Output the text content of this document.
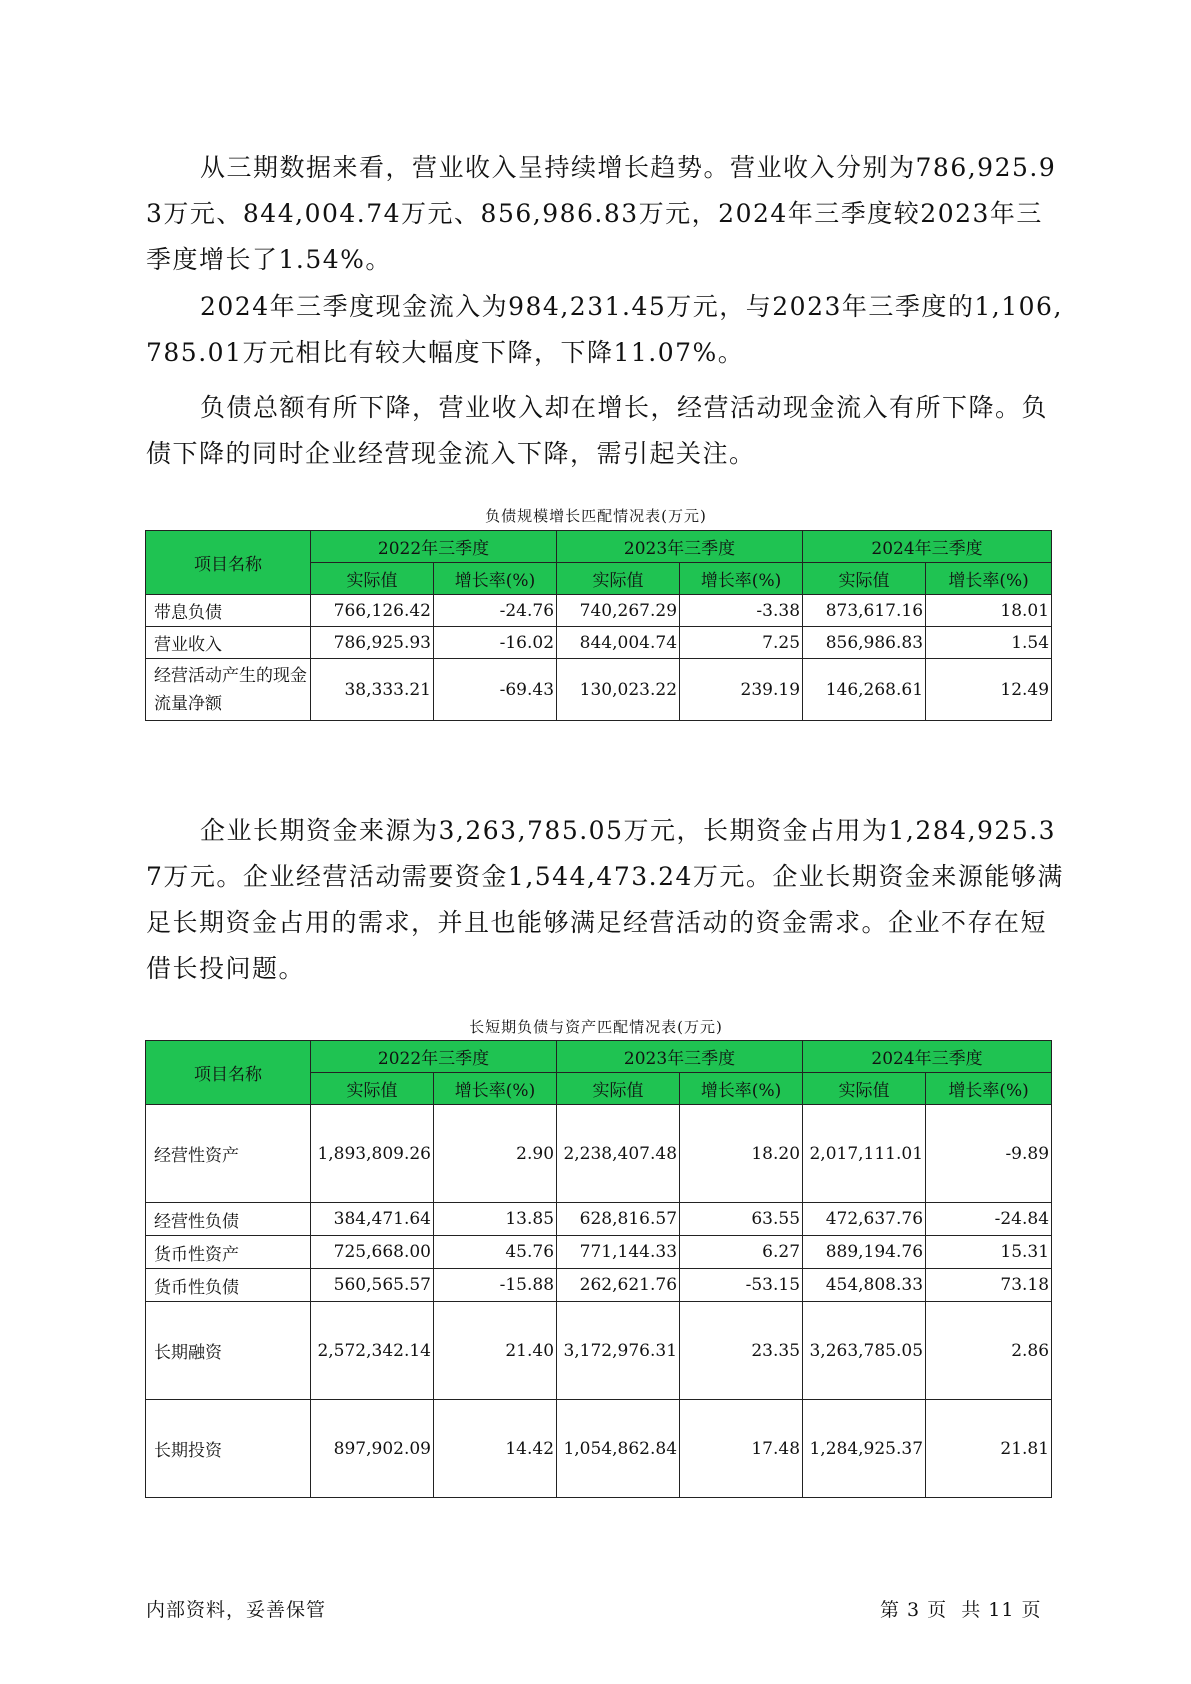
从三期数据来看，营业收入呈持续增长趋势。营业收入分别为786,925.93万元、844,004.74万元、856,986.83万元，2024年三季度较2023年三季度增长了1.54%。

2024年三季度现金流入为984,231.45万元，与2023年三季度的1,106,785.01万元相比有较大幅度下降，下降11.07%。

负债总额有所下降，营业收入却在增长，经营活动现金流入有所下降。负债下降的同时企业经营现金流入下降，需引起关注。

负债规模增长匹配情况表(万元)
项目名称	2022年三季度		2023年三季度		2024年三季度	
	实际值	增长率(%)	实际值	增长率(%)	实际值	增长率(%)
带息负债	766,126.42	-24.76	740,267.29	-3.38	873,617.16	18.01
营业收入	786,925.93	-16.02	844,004.74	7.25	856,986.83	1.54
经营活动产生的现金流量净额	38,333.21	-69.43	130,023.22	239.19	146,268.61	12.49

企业长期资金来源为3,263,785.05万元，长期资金占用为1,284,925.37万元。企业经营活动需要资金1,544,473.24万元。企业长期资金来源能够满足长期资金占用的需求，并且也能够满足经营活动的资金需求。企业不存在短借长投问题。

长短期负债与资产匹配情况表(万元)
项目名称	2022年三季度		2023年三季度		2024年三季度	
	实际值	增长率(%)	实际值	增长率(%)	实际值	增长率(%)
经营性资产	1,893,809.26	2.90	2,238,407.48	18.20	2,017,111.01	-9.89
经营性负债	384,471.64	13.85	628,816.57	63.55	472,637.76	-24.84
货币性资产	725,668.00	45.76	771,144.33	6.27	889,194.76	15.31
货币性负债	560,565.57	-15.88	262,621.76	-53.15	454,808.33	73.18
长期融资	2,572,342.14	21.40	3,172,976.31	23.35	3,263,785.05	2.86
长期投资	897,902.09	14.42	1,054,862.84	17.48	1,284,925.37	21.81
内部资料，妥善保管	第 3 页  共 11 页
